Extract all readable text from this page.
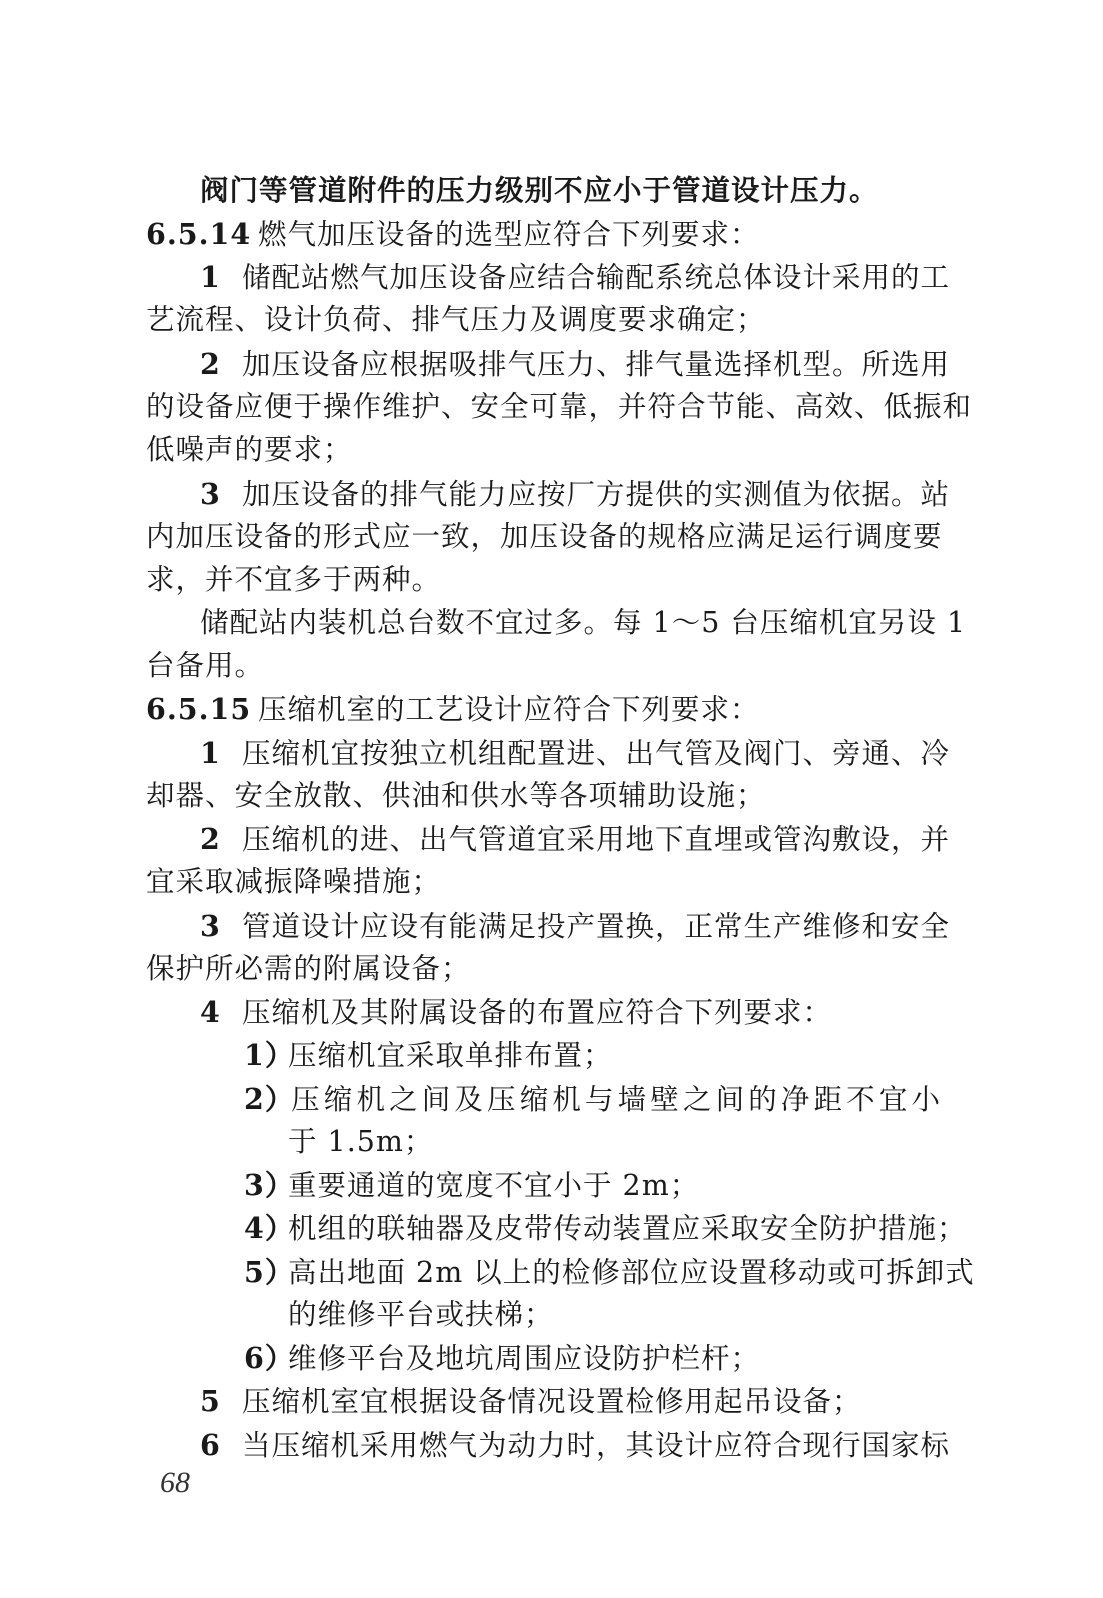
阀门等管道附件的压力级别不应小于管道设计压力。
6.5.14 燃气加压设备的选型应符合下列要求：
1 储配站燃气加压设备应结合输配系统总体设计采用的工
艺流程、设计负荷、排气压力及调度要求确定；
2 加压设备应根据吸排气压力、排气量选择机型。所选用
的设备应便于操作维护、安全可靠，并符合节能、高效、低振和
低噪声的要求；
3 加压设备的排气能力应按厂方提供的实测值为依据。站
内加压设备的形式应一致，加压设备的规格应满足运行调度要
求，并不宜多于两种。
储配站内装机总台数不宜过多。每 1～5 台压缩机宜另设 1
台备用。
6.5.15 压缩机室的工艺设计应符合下列要求：
1 压缩机宜按独立机组配置进、出气管及阀门、旁通、冷
却器、安全放散、供油和供水等各项辅助设施；
2 压缩机的进、出气管道宜采用地下直埋或管沟敷设，并
宜采取减振降噪措施；
3 管道设计应设有能满足投产置换，正常生产维修和安全
保护所必需的附属设备；
4 压缩机及其附属设备的布置应符合下列要求：
1）压缩机宜采取单排布置；
2）压缩机之间及压缩机与墙壁之间的净距不宜小
于 1.5m；
3）重要通道的宽度不宜小于 2m；
4）机组的联轴器及皮带传动装置应采取安全防护措施；
5）高出地面 2m 以上的检修部位应设置移动或可拆卸式
的维修平台或扶梯；
6）维修平台及地坑周围应设防护栏杆；
5 压缩机室宜根据设备情况设置检修用起吊设备；
6 当压缩机采用燃气为动力时，其设计应符合现行国家标
68
